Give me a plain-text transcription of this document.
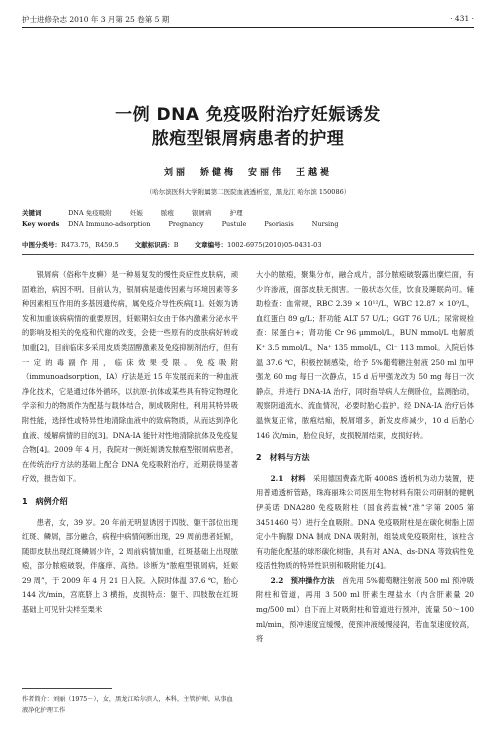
护士进修杂志 2010 年 3 月第 25 卷第 5 期	· 431 ·
一例 DNA 免疫吸附治疗妊娠诱发
脓疱型银屑病患者的护理
刘丽　娇健梅　安丽伟　王越褆
（哈尔滨医科大学附属第二医院血液透析室，黑龙江 哈尔滨 150086）
关键词	DNA 免疫吸附	妊娠	脓疱	银屑病	护理
Key words DNA Immuno-adsorption	Pregnancy	Pustule	Psoriasis	Nursing
中图分类号：R473.75，R459.5 文献标识码：B 文章编号：1002-6975(2010)05-0431-03

银屑病（俗称牛皮癣）是一种易复发的慢性炎症性皮肤病，顽固难治，病因不明。目前认为，银屑病是遗传因素与环境因素等多种因素相互作用的多基因遗传病，属免疫介导性疾病[1]。妊娠为诱发和加重该病病情的重要原因，妊娠期妇女由于体内激素分泌水平的影响及相关的免疫和代谢的改变，会使一些原有的皮肤病好转或加重[2]，目前临床多采用皮质类固醇激素及免疫抑制剂治疗，但有一定的毒副作用，临床效果受限。免疫吸附（immunoadsorption，IA）疗法是近 15 年发展而来的一种血液净化技术，它是通过体外循环，以抗原-抗体或某些具有特定物理化学亲和力的物质作为配基与载体结合，制成吸附柱，利用其特异吸附性能，选择性或特异性地清除血液中的致病物质，从而达到净化血液、缓解病情的目的[3]。DNA-IA 能针对性地清除抗体及免疫复合物[4]。2009 年 4 月，我院对一例妊娠诱发脓疱型银屑病患者，在传统治疗方法的基础上配合 DNA 免疫吸附治疗，近期获得显著疗效，报告如下。

1　病例介绍

患者，女，39 岁。20 年前无明显诱因于四肢、躯干部位出现红斑、鳞屑，部分融合，病程中病情间断出现，29 周前患者妊娠，随即皮肤出现红斑鳞屑少许，2 周前病情加重，红斑基础上出现脓疱，部分脓疱破裂，伴瘙痒、高热。诊断为“脓疱型银屑病，妊娠 29 周”，于 2009 年 4 月 21 日入院。入院时体温 37.6 ℃，胎心 144 次/min，宫底脐上 3 横指，皮损特点：躯干、四肢散在红斑基础上可见针尖样至栗米

大小的脓疱，聚集分布，融合成片，部分脓疱破裂露出糜烂面，有少许渗液，面部皮肤无损害。一般状态欠佳，饮食及睡眠尚可。辅助检查：血常规，RBC 2.39 × 10¹²/L，WBC 12.87 × 10⁹/L，血红蛋白 89 g/L；肝功能 ALT 57 U/L；GGT 76 U/L；尿常规检查：尿蛋白+；肾功能 Cr 96 μmmol/L，BUN mmol/L 电解质 K⁺ 3.5 mmol/L，Na⁺ 135 mmol/L，Cl⁻ 113 mmol。入院后体温 37.6 ℃，积极控制感染，给予 5%葡萄糖注射液 250 ml 加甲强龙 60 mg 每日一次静点，15 d 后甲强龙改为 50 mg 每日一次静点，并进行 DNA-IA 治疗，同时指导病人左侧卧位，监测胎动，观察阴道流水、流血情况，必要时胎心监护。经 DNA-IA 治疗后体温恢复正常，脓疱结痂，脱屑增多，新发皮疹减少，10 d 后胎心 146 次/min，胎位良好，皮损脱屑结束，皮损好转。

2　材料与方法

2.1　材料　 采用德国费森尤斯 4008S 透析机为动力装置，使用普通透析管路，珠海丽珠公司医用生物材料有限公司研制的健帆伊美诺 DNA280 免疫吸附柱（国食药监械“准”字第 2005 第 3451460 号）进行全血吸附。DNA 免疫吸附柱是在碳化树脂上固定小牛胸腺 DNA 制成 DNA 吸附剂，组装成免疫吸附柱，该柱含有功能化配基的球形碳化树脂，具有对 ANA、ds-DNA 等致病性免疫活性物质的特异性识别和吸附能力[4]。

2.2　预冲操作方法　 首先用 5%葡萄糖注射液 500 ml 预冲吸附柱和管道，再用 3 500 ml 肝素生理盐水（内含肝素量 20 mg/500 ml）自下而上对吸附柱和管道进行预冲，流量 50～100 ml/min，预冲速度宜缓慢，使预冲液缓慢浸润，若血泵速度较高，将

作者简介：刘丽（1975－），女，黑龙江哈尔滨人，本科，主管护师，从事血液净化护理工作
